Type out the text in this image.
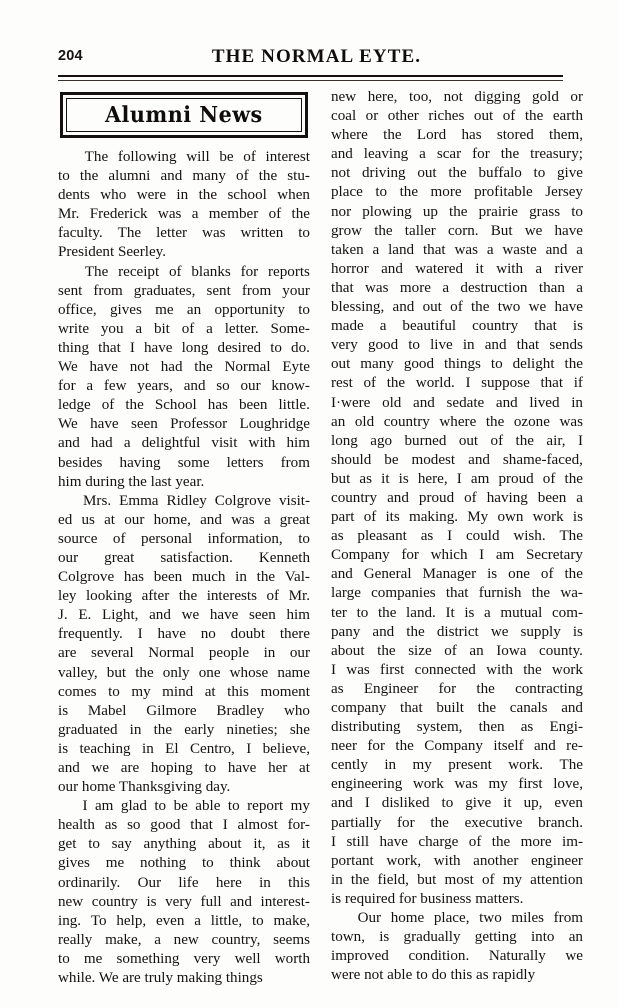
204	THE NORMAL EYTE.
Alumni News
The following will be of interest
to the alumni and many of the stu-
dents who were in the school when
Mr. Frederick was a member of the
faculty. The letter was written to
President Seerley.
The receipt of blanks for reports
sent from graduates, sent from your
office, gives me an opportunity to
write you a bit of a letter. Some-
thing that I have long desired to do.
We have not had the Normal Eyte
for a few years, and so our know-
ledge of the School has been little.
We have seen Professor Loughridge
and had a delightful visit with him
besides having some letters from
him during the last year.
Mrs. Emma Ridley Colgrove visit-
ed us at our home, and was a great
source of personal information, to
our great satisfaction. Kenneth
Colgrove has been much in the Val-
ley looking after the interests of Mr.
J. E. Light, and we have seen him
frequently. I have no doubt there
are several Normal people in our
valley, but the only one whose name
comes to my mind at this moment
is Mabel Gilmore Bradley who
graduated in the early nineties; she
is teaching in El Centro, I believe,
and we are hoping to have her at
our home Thanksgiving day.
I am glad to be able to report my
health as so good that I almost for-
get to say anything about it, as it
gives me nothing to think about
ordinarily. Our life here in this
new country is very full and interest-
ing. To help, even a little, to make,
really make, a new country, seems
to me something very well worth
while. We are truly making things
new here, too, not digging gold or
coal or other riches out of the earth
where the Lord has stored them,
and leaving a scar for the treasury;
not driving out the buffalo to give
place to the more profitable Jersey
nor plowing up the prairie grass to
grow the taller corn. But we have
taken a land that was a waste and a
horror and watered it with a river
that was more a destruction than a
blessing, and out of the two we have
made a beautiful country that is
very good to live in and that sends
out many good things to delight the
rest of the world. I suppose that if
I·were old and sedate and lived in
an old country where the ozone was
long ago burned out of the air, I
should be modest and shame-faced,
but as it is here, I am proud of the
country and proud of having been a
part of its making. My own work is
as pleasant as I could wish. The
Company for which I am Secretary
and General Manager is one of the
large companies that furnish the wa-
ter to the land. It is a mutual com-
pany and the district we supply is
about the size of an Iowa county.
I was first connected with the work
as Engineer for the contracting
company that built the canals and
distributing system, then as Engi-
neer for the Company itself and re-
cently in my present work. The
engineering work was my first love,
and I disliked to give it up, even
partially for the executive branch.
I still have charge of the more im-
portant work, with another engineer
in the field, but most of my attention
is required for business matters.
Our home place, two miles from
town, is gradually getting into an
improved condition. Naturally we
were not able to do this as rapidly
